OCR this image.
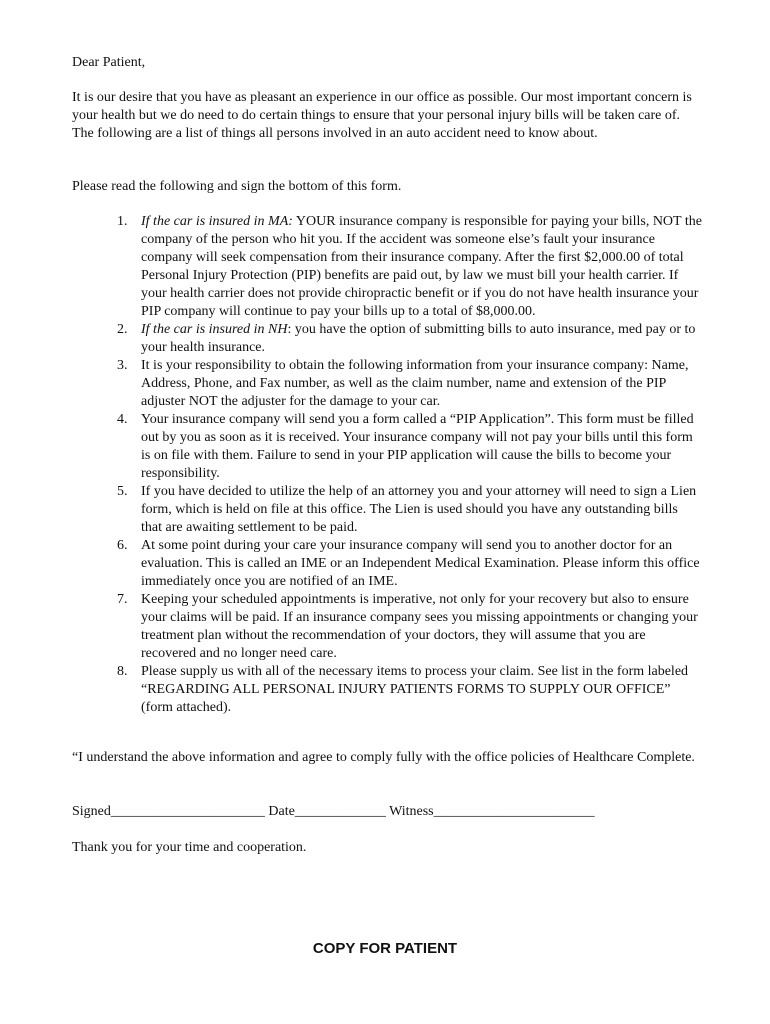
Dear Patient,

It is our desire that you have as pleasant an experience in our office as possible. Our most important concern is your health but we do need to do certain things to ensure that your personal injury bills will be taken care of. The following are a list of things all persons involved in an auto accident need to know about.

Please read the following and sign the bottom of this form.

1. If the car is insured in MA: YOUR insurance company is responsible for paying your bills, NOT the company of the person who hit you. If the accident was someone else’s fault your insurance company will seek compensation from their insurance company. After the first $2,000.00 of total Personal Injury Protection (PIP) benefits are paid out, by law we must bill your health carrier. If your health carrier does not provide chiropractic benefit or if you do not have health insurance your PIP company will continue to pay your bills up to a total of $8,000.00.
2. If the car is insured in NH: you have the option of submitting bills to auto insurance, med pay or to your health insurance.
3. It is your responsibility to obtain the following information from your insurance company: Name, Address, Phone, and Fax number, as well as the claim number, name and extension of the PIP adjuster NOT the adjuster for the damage to your car.
4. Your insurance company will send you a form called a “PIP Application”. This form must be filled out by you as soon as it is received. Your insurance company will not pay your bills until this form is on file with them. Failure to send in your PIP application will cause the bills to become your responsibility.
5. If you have decided to utilize the help of an attorney you and your attorney will need to sign a Lien form, which is held on file at this office. The Lien is used should you have any outstanding bills that are awaiting settlement to be paid.
6. At some point during your care your insurance company will send you to another doctor for an evaluation. This is called an IME or an Independent Medical Examination. Please inform this office immediately once you are notified of an IME.
7. Keeping your scheduled appointments is imperative, not only for your recovery but also to ensure your claims will be paid. If an insurance company sees you missing appointments or changing your treatment plan without the recommendation of your doctors, they will assume that you are recovered and no longer need care.
8. Please supply us with all of the necessary items to process your claim. See list in the form labeled “REGARDING ALL PERSONAL INJURY PATIENTS FORMS TO SUPPLY OUR OFFICE” (form attached).

“I understand the above information and agree to comply fully with the office policies of Healthcare Complete.

Signed______________________ Date_____________ Witness_______________________

Thank you for your time and cooperation.

COPY FOR PATIENT
